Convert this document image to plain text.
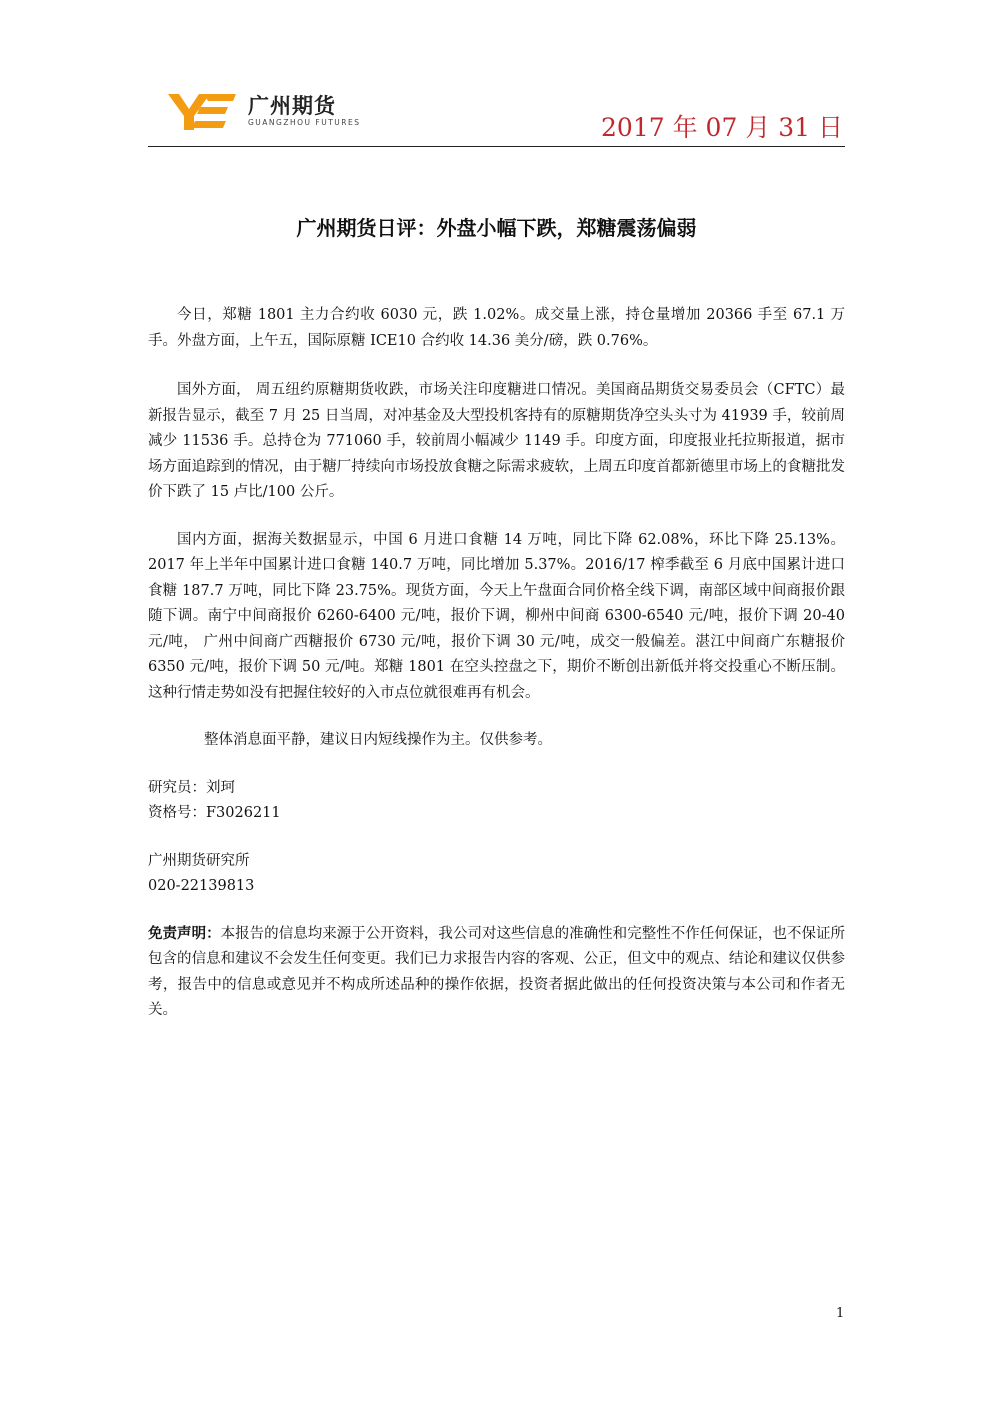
广州期货
GUANGZHOU FUTURES	2017 年 07 月 31 日
广州期货日评：外盘小幅下跌，郑糖震荡偏弱

今日，郑糖 1801 主力合约收 6030 元，跌 1.02%。成交量上涨，持仓量增加 20366 手至 67.1 万手。外盘方面，上午五，国际原糖 ICE10 合约收 14.36 美分/磅，跌 0.76%。

国外方面， 周五纽约原糖期货收跌，市场关注印度糖进口情况。美国商品期货交易委员会（CFTC）最新报告显示，截至 7 月 25 日当周，对冲基金及大型投机客持有的原糖期货净空头头寸为 41939 手，较前周减少 11536 手。总持仓为 771060 手，较前周小幅减少 1149 手。印度方面，印度报业托拉斯报道，据市场方面追踪到的情况，由于糖厂持续向市场投放食糖之际需求疲软，上周五印度首都新德里市场上的食糖批发价下跌了 15 卢比/100 公斤。

国内方面，据海关数据显示，中国 6 月进口食糖 14 万吨，同比下降 62.08%，环比下降 25.13%。2017 年上半年中国累计进口食糖 140.7 万吨，同比增加 5.37%。2016/17 榨季截至 6 月底中国累计进口食糖 187.7 万吨，同比下降 23.75%。现货方面，今天上午盘面合同价格全线下调，南部区域中间商报价跟随下调。南宁中间商报价 6260-6400 元/吨，报价下调，柳州中间商 6300-6540 元/吨，报价下调 20-40 元/吨， 广州中间商广西糖报价 6730 元/吨，报价下调 30 元/吨，成交一般偏差。湛江中间商广东糖报价 6350 元/吨，报价下调 50 元/吨。郑糖 1801 在空头控盘之下，期价不断创出新低并将交投重心不断压制。这种行情走势如没有把握住较好的入市点位就很难再有机会。

整体消息面平静，建议日内短线操作为主。仅供参考。

研究员：刘珂

资格号：F3026211

广州期货研究所

020-22139813

免责声明：本报告的信息均来源于公开资料，我公司对这些信息的准确性和完整性不作任何保证，也不保证所包含的信息和建议不会发生任何变更。我们已力求报告内容的客观、公正，但文中的观点、结论和建议仅供参考，报告中的信息或意见并不构成所述品种的操作依据，投资者据此做出的任何投资决策与本公司和作者无关。

1
